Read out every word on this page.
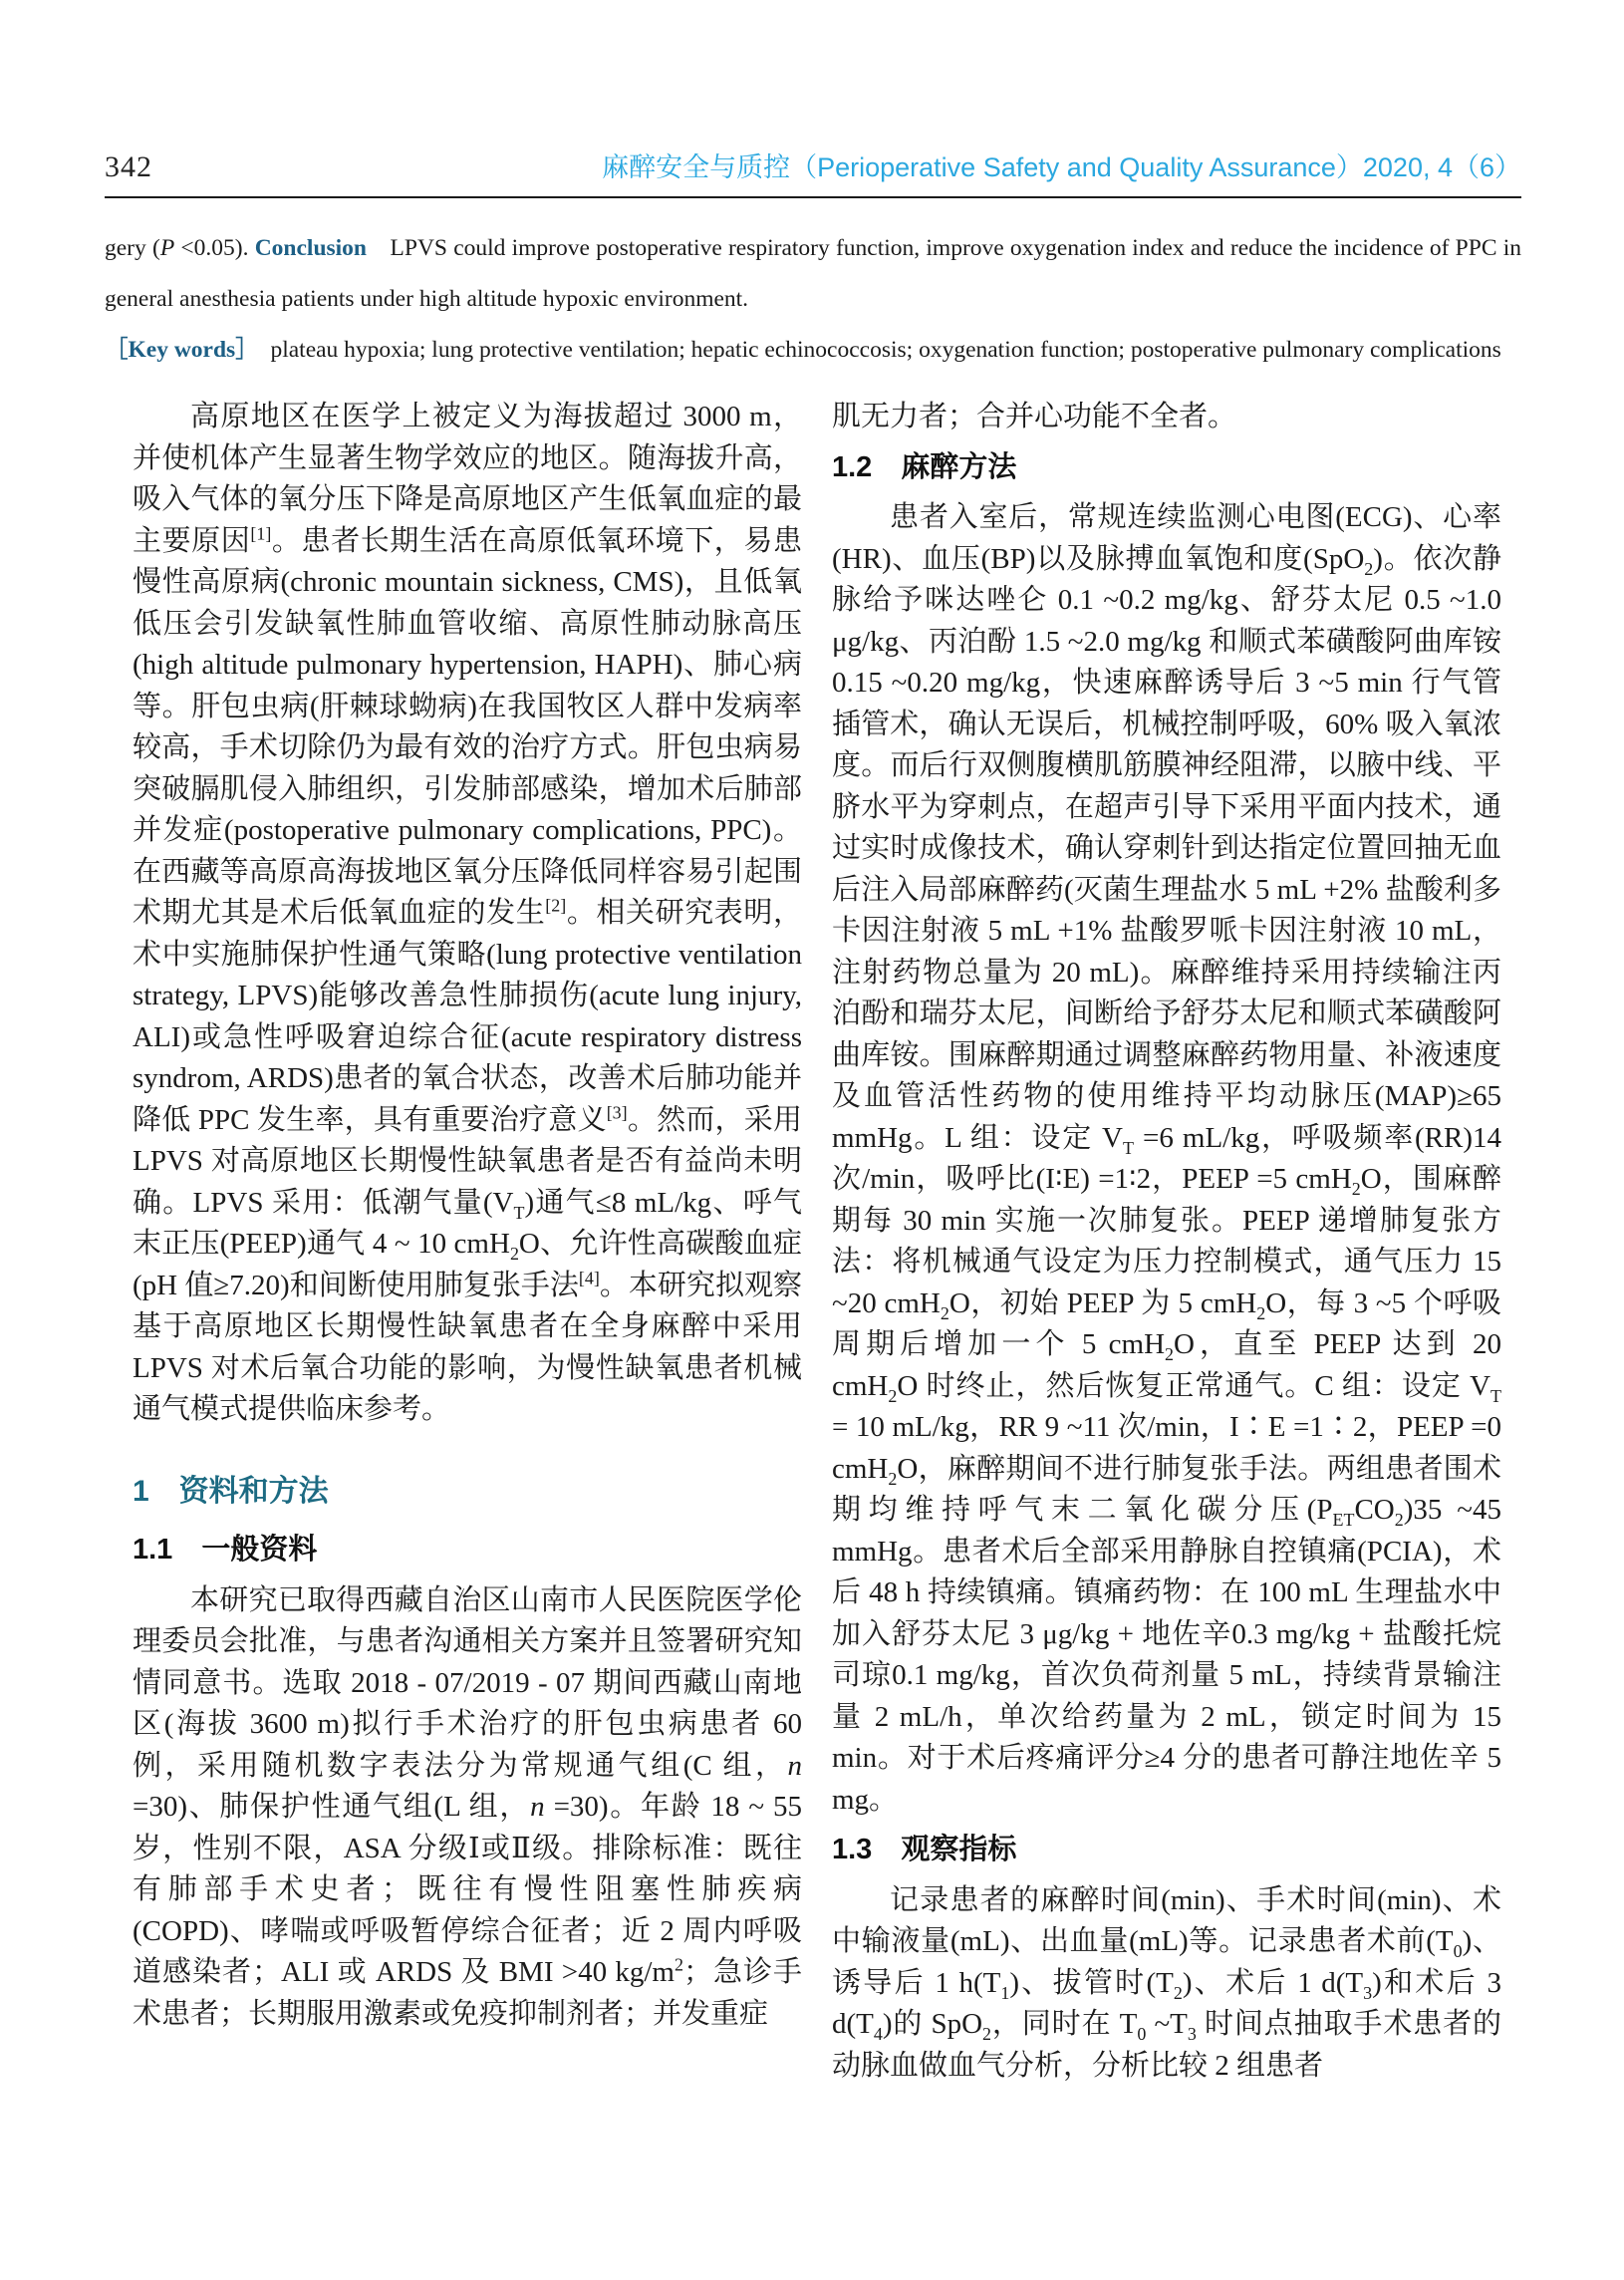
342	麻醉安全与质控（Perioperative Safety and Quality Assurance）2020, 4（6）

gery (P <0.05). Conclusion LPVS could improve postoperative respiratory function, improve oxygenation index and reduce the incidence of PPC in general anesthesia patients under high altitude hypoxic environment.

［Key words］ plateau hypoxia; lung protective ventilation; hepatic echinococcosis; oxygenation function; postoperative pulmonary complications

高原地区在医学上被定义为海拔超过 3000 m，并使机体产生显著生物学效应的地区。随海拔升高，吸入气体的氧分压下降是高原地区产生低氧血症的最主要原因[1]。患者长期生活在高原低氧环境下，易患慢性高原病(chronic mountain sickness, CMS)，且低氧低压会引发缺氧性肺血管收缩、高原性肺动脉高压(high altitude pulmonary hypertension, HAPH)、肺心病等。肝包虫病(肝棘球蚴病)在我国牧区人群中发病率较高，手术切除仍为最有效的治疗方式。肝包虫病易突破膈肌侵入肺组织，引发肺部感染，增加术后肺部并发症(postoperative pulmonary complications, PPC)。在西藏等高原高海拔地区氧分压降低同样容易引起围术期尤其是术后低氧血症的发生[2]。相关研究表明，术中实施肺保护性通气策略(lung protective ventilation strategy, LPVS)能够改善急性肺损伤(acute lung injury, ALI)或急性呼吸窘迫综合征(acute respiratory distress syndrom, ARDS)患者的氧合状态，改善术后肺功能并降低 PPC 发生率，具有重要治疗意义[3]。然而，采用 LPVS 对高原地区长期慢性缺氧患者是否有益尚未明确。LPVS 采用：低潮气量$(V_T)$通气≤8 mL/kg、呼气末正压(PEEP)通气 4 ~ 10 cmH$_2$O、允许性高碳酸血症(pH 值≥7.20)和间断使用肺复张手法[4]。本研究拟观察基于高原地区长期慢性缺氧患者在全身麻醉中采用 LPVS 对术后氧合功能的影响，为慢性缺氧患者机械通气模式提供临床参考。

1 资料和方法
1.1 一般资料

本研究已取得西藏自治区山南市人民医院医学伦理委员会批准，与患者沟通相关方案并且签署研究知情同意书。选取 2018 - 07/2019 - 07 期间西藏山南地区(海拔 3600 m)拟行手术治疗的肝包虫病患者 60 例，采用随机数字表法分为常规通气组(C 组，n =30)、肺保护性通气组(L 组，n =30)。年龄 18 ~ 55 岁，性别不限，ASA 分级Ⅰ或Ⅱ级。排除标准：既往有肺部手术史者；既往有慢性阻塞性肺疾病(COPD)、哮喘或呼吸暂停综合征者；近 2 周内呼吸道感染者；ALI 或 ARDS 及 BMI >40 $kg/m^2$；急诊手术患者；长期服用激素或免疫抑制剂者；并发重症

肌无力者；合并心功能不全者。

1.2 麻醉方法

患者入室后，常规连续监测心电图(ECG)、心率(HR)、血压(BP)以及脉搏血氧饱和度(SpO$_2$)。依次静脉给予咪达唑仑 0.1 ~0.2 mg/kg、舒芬太尼 0.5 ~1.0 μg/kg、丙泊酚 1.5 ~2.0 mg/kg 和顺式苯磺酸阿曲库铵 0.15 ~0.20 mg/kg，快速麻醉诱导后 3 ~5 min 行气管插管术，确认无误后，机械控制呼吸，60% 吸入氧浓度。而后行双侧腹横肌筋膜神经阻滞，以腋中线、平脐水平为穿刺点，在超声引导下采用平面内技术，通过实时成像技术，确认穿刺针到达指定位置回抽无血后注入局部麻醉药(灭菌生理盐水 5 mL +2% 盐酸利多卡因注射液 5 mL +1% 盐酸罗哌卡因注射液 10 mL，注射药物总量为 20 mL)。麻醉维持采用持续输注丙泊酚和瑞芬太尼，间断给予舒芬太尼和顺式苯磺酸阿曲库铵。围麻醉期通过调整麻醉药物用量、补液速度及血管活性药物的使用维持平均动脉压(MAP)≥65 mmHg。L 组：设定 $V_T =6$ mL/kg，呼吸频率(RR)14 次/min，吸呼比(I∶E) =1∶2，PEEP =5 cmH$_2$O，围麻醉期每 30 min 实施一次肺复张。PEEP 递增肺复张方法：将机械通气设定为压力控制模式，通气压力 15 ~20 cmH$_2$O，初始 PEEP 为 5 cmH$_2$O，每 3 ~5 个呼吸周期后增加一个 5 cmH$_2$O，直至 PEEP 达到 20 cmH$_2$O 时终止，然后恢复正常通气。C 组：设定 $V_T = 10$ mL/kg，RR 9 ~11 次/min，I∶E =1∶2，PEEP =0 cmH$_2$O，麻醉期间不进行肺复张手法。两组患者围术期均维持呼气末二氧化碳分压$(P_{ET}CO_2)35$ ~45 mmHg。患者术后全部采用静脉自控镇痛(PCIA)，术后 48 h 持续镇痛。镇痛药物：在 100 mL 生理盐水中加入舒芬太尼 3 μg/kg + 地佐辛0.3 mg/kg + 盐酸托烷司琼0.1 mg/kg，首次负荷剂量 5 mL，持续背景输注量 2 mL/h，单次给药量为 2 mL，锁定时间为 15 min。对于术后疼痛评分≥4 分的患者可静注地佐辛 5 mg。

1.3 观察指标

记录患者的麻醉时间(min)、手术时间(min)、术中输液量(mL)、出血量(mL)等。记录患者术前$(T_0)$、诱导后 1 $h(T_1)$、拔管时$(T_2)$、术后 1 $d(T_3)$和术后 3 $d(T_4)$的 SpO$_2$，同时在 $T_0$ $\sim T_3$ 时间点抽取手术患者的动脉血做血气分析，分析比较 2 组患者
